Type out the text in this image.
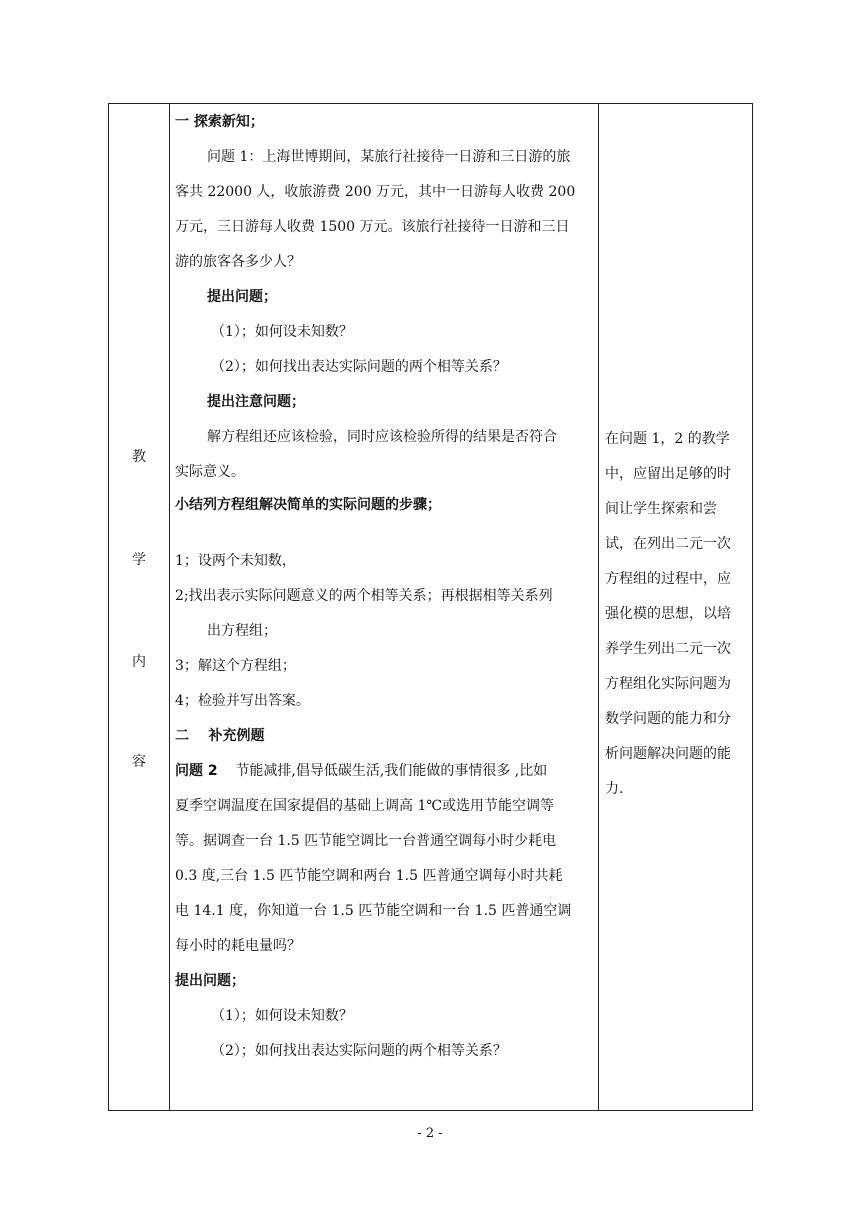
教
学
内
容
一 探索新知；
问题 1：上海世博期间，某旅行社接待一日游和三日游的旅
客共 22000 人，收旅游费 200 万元，其中一日游每人收费 200
万元，三日游每人收费 1500 万元。该旅行社接待一日游和三日
游的旅客各多少人？
提出问题；
（1）；如何设未知数？
（2）；如何找出表达实际问题的两个相等关系？
提出注意问题；
解方程组还应该检验，同时应该检验所得的结果是否符合
实际意义。
小结列方程组解决简单的实际问题的步骤；
1；设两个未知数，
2;找出表示实际问题意义的两个相等关系；再根据相等关系列
出方程组；
3；解这个方程组；
4；检验并写出答案。
二    补充例题
问题 2 节能减排,倡导低碳生活,我们能做的事情很多 ,比如
夏季空调温度在国家提倡的基础上调高 1℃或选用节能空调等
等。据调查一台 1.5 匹节能空调比一台普通空调每小时少耗电
0.3 度,三台 1.5 匹节能空调和两台 1.5 匹普通空调每小时共耗
电 14.1 度，你知道一台 1.5 匹节能空调和一台 1.5 匹普通空调
每小时的耗电量吗？
提出问题；
（1）；如何设未知数？
（2）；如何找出表达实际问题的两个相等关系？
在问题 1，2 的教学
中，应留出足够的时
间让学生探索和尝
试，在列出二元一次
方程组的过程中，应
强化模的思想，以培
养学生列出二元一次
方程组化实际问题为
数学问题的能力和分
析问题解决问题的能
力.
- 2 -
